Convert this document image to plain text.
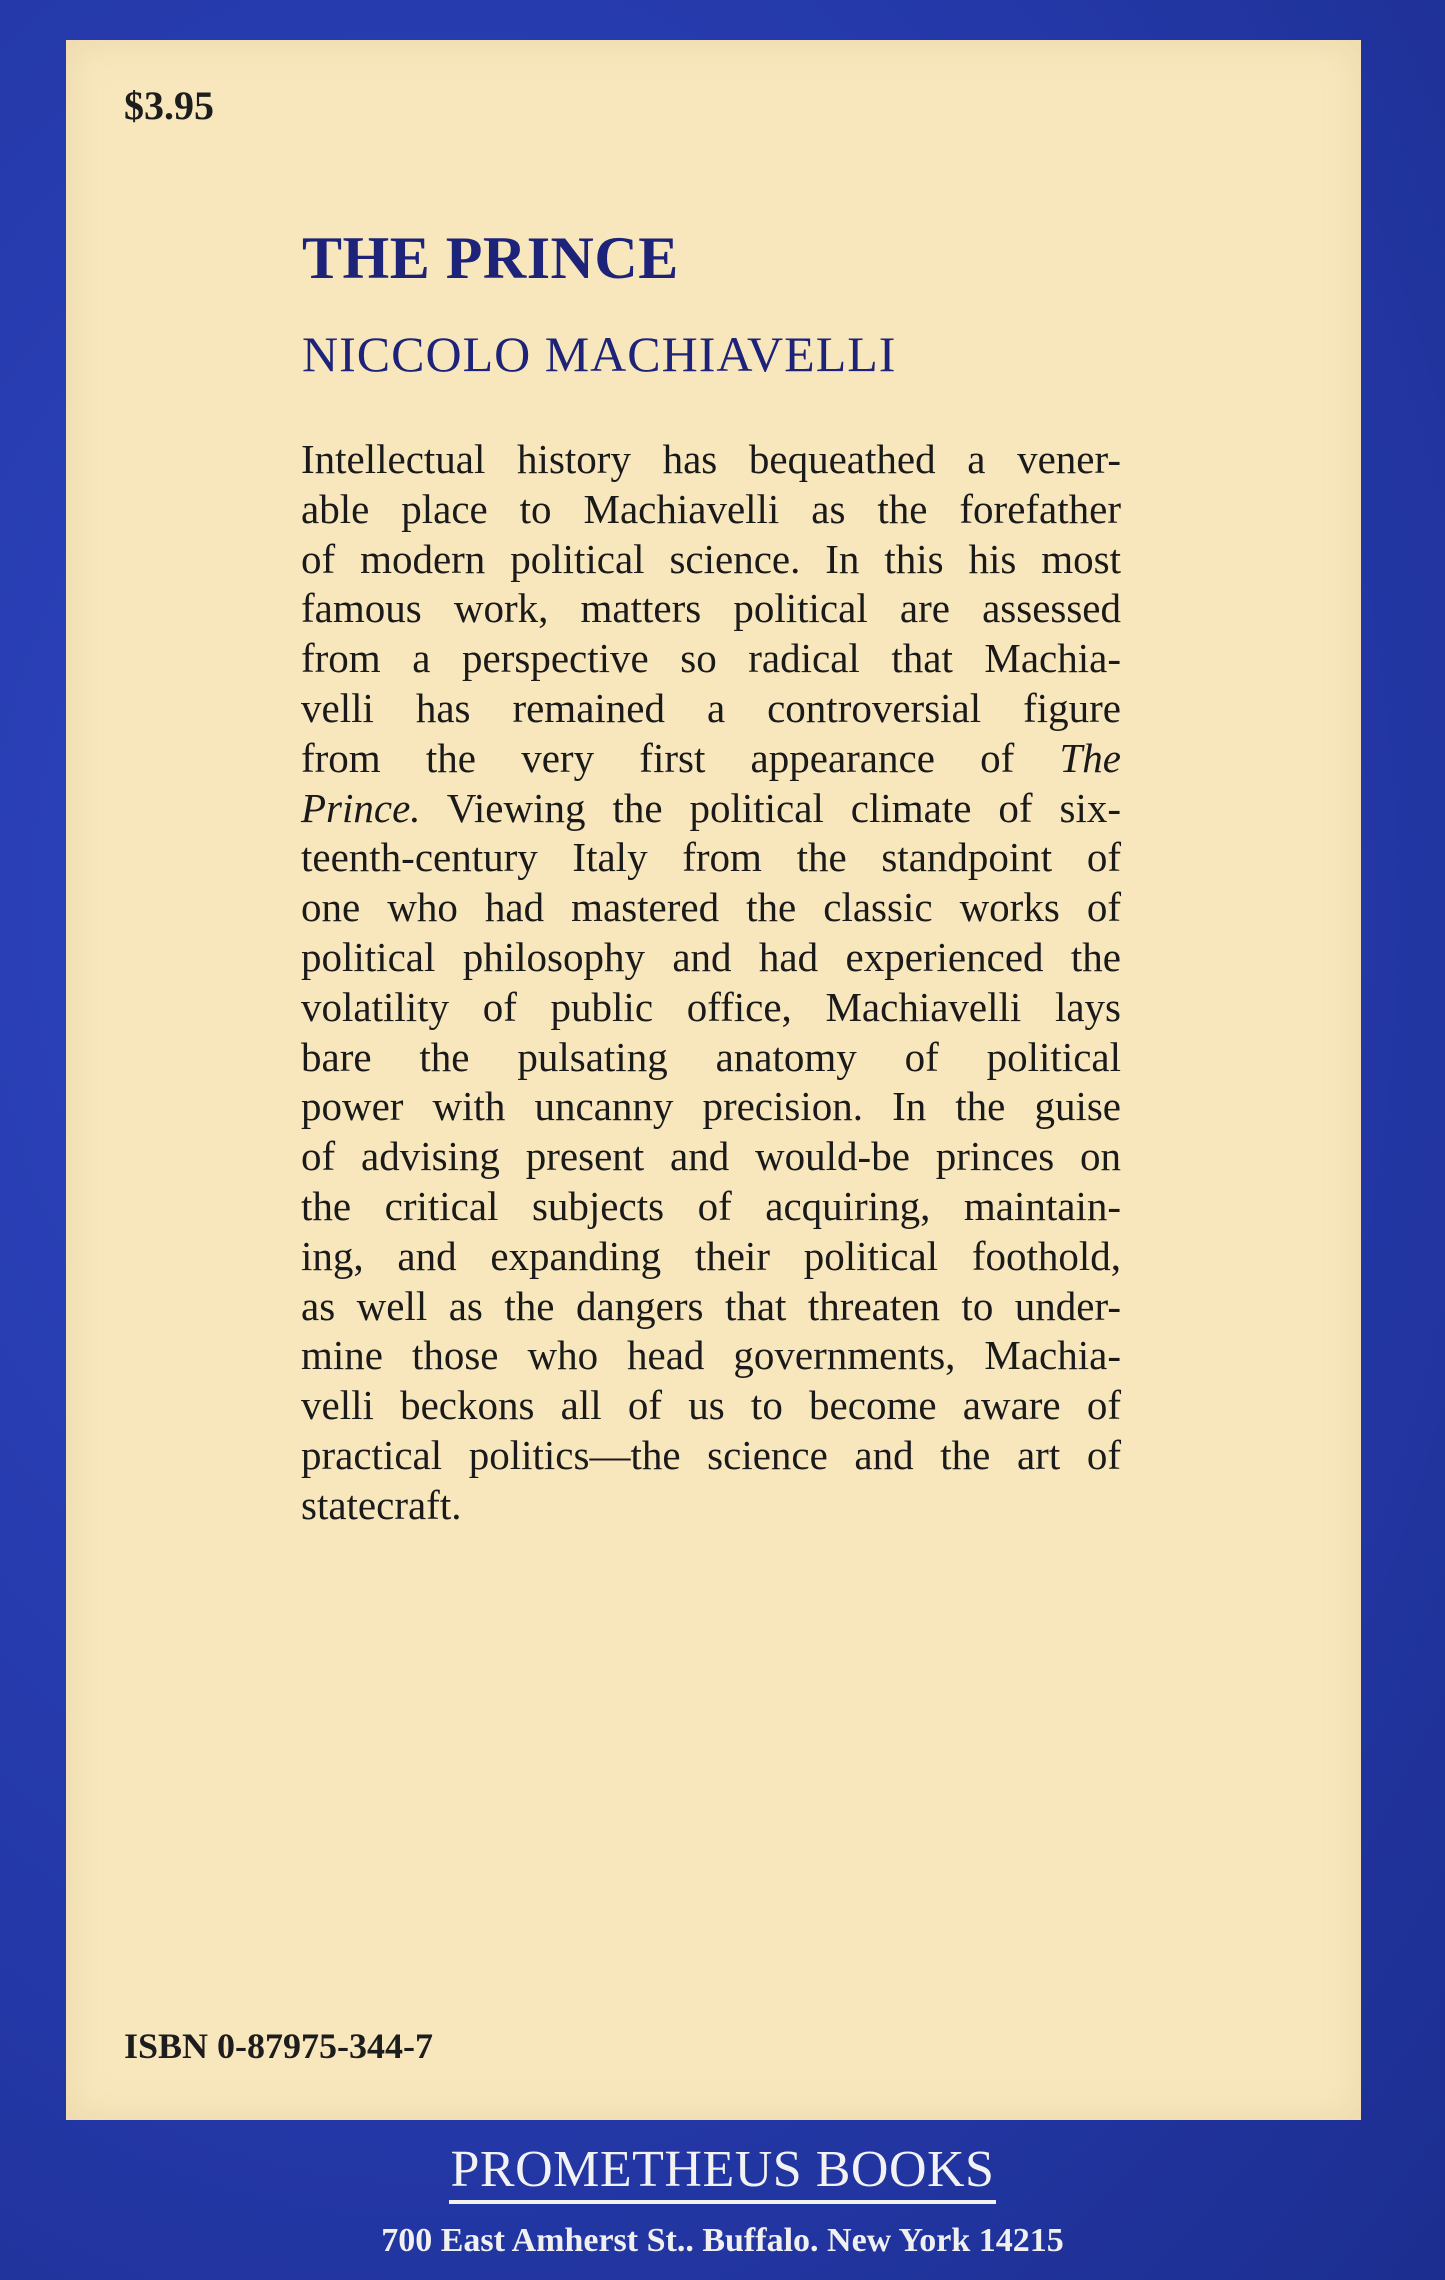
$3.95
THE PRINCE
NICCOLO MACHIAVELLI
Intellectual history has bequeathed a vener-
able place to Machiavelli as the forefather
of modern political science. In this his most
famous work, matters political are assessed
from a perspective so radical that Machia-
velli has remained a controversial figure
from the very first appearance of The
Prince. Viewing the political climate of six-
teenth-century Italy from the standpoint of
one who had mastered the classic works of
political philosophy and had experienced the
volatility of public office, Machiavelli lays
bare the pulsating anatomy of political
power with uncanny precision. In the guise
of advising present and would-be princes on
the critical subjects of acquiring, maintain-
ing, and expanding their political foothold,
as well as the dangers that threaten to under-
mine those who head governments, Machia-
velli beckons all of us to become aware of
practical politics—the science and the art of
statecraft.
ISBN 0-87975-344-7
PROMETHEUS BOOKS
700 East Amherst St.. Buffalo. New York 14215
